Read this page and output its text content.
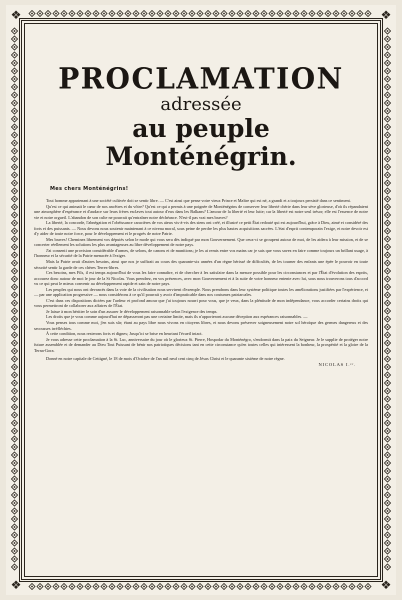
❖	❖
❖	❖
PROCLAMATION
adressée
au peuple Monténégrin.
Mes chers Monténégrins!

Tout homme appartenant à une société cultivée doit se sentir libre. — C'est ainsi que pense votre vieux Prince et Maître qui est né, a grandi et a toujours persisté dans ce sentiment.

Qu'est ce qui animait le cœur de nos ancêtres et du vôtre? Qu'est ce qui a permis à une poignée de Monténégrins de conserver leur liberté chérie dans leur sève glorieuse, d'où ils répandaient une atmosphère d'espérance et d'audace sur leurs frères esclaves tout autour d'eux dans les Balkans? L'amour de la liberté et leur lutte; car la liberté est notre seul trésor; elle est l'essence de notre vie et notre orgueil. L'abandon de son culte ne pourrait qu'entraîner notre déchéance. N'est-il pas vrai mes braves?

La liberté, la concorde, l'abnégation et l'obéissance caractères de vos aïeux vis-à-vis des siens ont créé, et illustré ce petit État redouté qui est aujourd'hui, grâce à Dieu, aimé et considéré des forts et des puissants. — Nous devons nous soutenir maintenant à ce niveau moral, sous peine de perdre les plus hautes acquisitions sacrées. L'état d'esprit contemporain l'exige, et notre devoir est d'y aider de toute notre force, pour le développement et le progrès de notre Patrie.

Mes braves! Cheminez librement vos députés selon le mode qui vous sera dès indiqué par mon Gouvernement. Que ceux-ci se groupent autour de moi, de les aidera à leur mission, et de se concerter réellement les solutions les plus avantageuses au libre développement de notre pays.

J'ai consenti une provision considérable d'armes, de selons, de canons et de munitions; je les ai remis entre vos mains car je sais que vous savez en faire comme toujours un brillant usage, à l'honneur et la sécurité de la Patrie menacée à l'exiger.

Mais la Patrie avait d'autres besoins, ainsi que nos je suffirait au cours des quarante-six années d'un règne hérissé de difficultés, de les tourner des enfants une épée le pouvoir en toute sécurité sentir la garde de ces chères Terres-libres.

Ces besoins, mes Fils, il est temps aujourd'hui de vous les faire connaître, et de chercher à les satisfaire dans la mesure possible pour les circonstances et par l'État d'évolution des esprits, accourez donc autour de moi le jour de la St Nicolas. Vous prendrez, en vos présences, avec mon Gouvernement et à la suite de votre honneur entente avec lui, sous nous trouverons tous d'accord vu ce qui peut le mieux convenir au développement rapide et sain de notre pays.

Les peuples qui nous ont devancés dans la voie de la civilisation nous servirent d'exemple. Nous prendrons dans leur système politique toutes les améliorations justifiées par l'expérience, et — par une application progressive — nous considérons à ce qu'il pourrait y avoir d'impraticable dans nos coutumes patriarcales.

C'est dans ces dispositions dictées par l'ardeur et profond amour que j'ai toujours nourri pour vous, que je veux, dans la plénitude de mon indépendance, vous accorder certains droits qui vous permettront de collaborer aux affaires de l'État.

Je laisse à mon héritier le soin d'un assurer le développement raisonnable selon l'exigence des temps.

Les droits que je vous comme aujourd'hui ne dépasseront pas une certaine limite, mais ils n'apporteront aucune déception aux espérances raisonnables. —

Vous penses tous comme moi, j'en suis sûr; étant au pays libre nous vivons en citoyens libres, et nous devons préserver soigneusement notre sol héroïque des germes dangereux et des secousses irréfléchies.

À cette condition, nous resterons forts et dignes; Jusqu'ici se brise en heurtant l'écueil intact.

Je vous adresse cette proclamation à la St. Luc, anniversaire du jour où le glorieux St. Pierre, Hospodar du Monténégro, s'endormit dans la paix du Seigneur. Je le supplie de protéger notre future assemblée et de demander au Dieu Tout Puissant de bénir nos patriotiques décisions tant en cette circonstance qu'en toutes celles qui intéressent la bonheur, la prospérité et la gloire de la Terna-Gora.

Donné en notre capitale de Cettigné, le 18 de mois d'Octobre de l'an mil neuf cent cinq de Jésus Christ et le quarante sixième de notre règne.
NICOLAS I.ᵉʳ.
